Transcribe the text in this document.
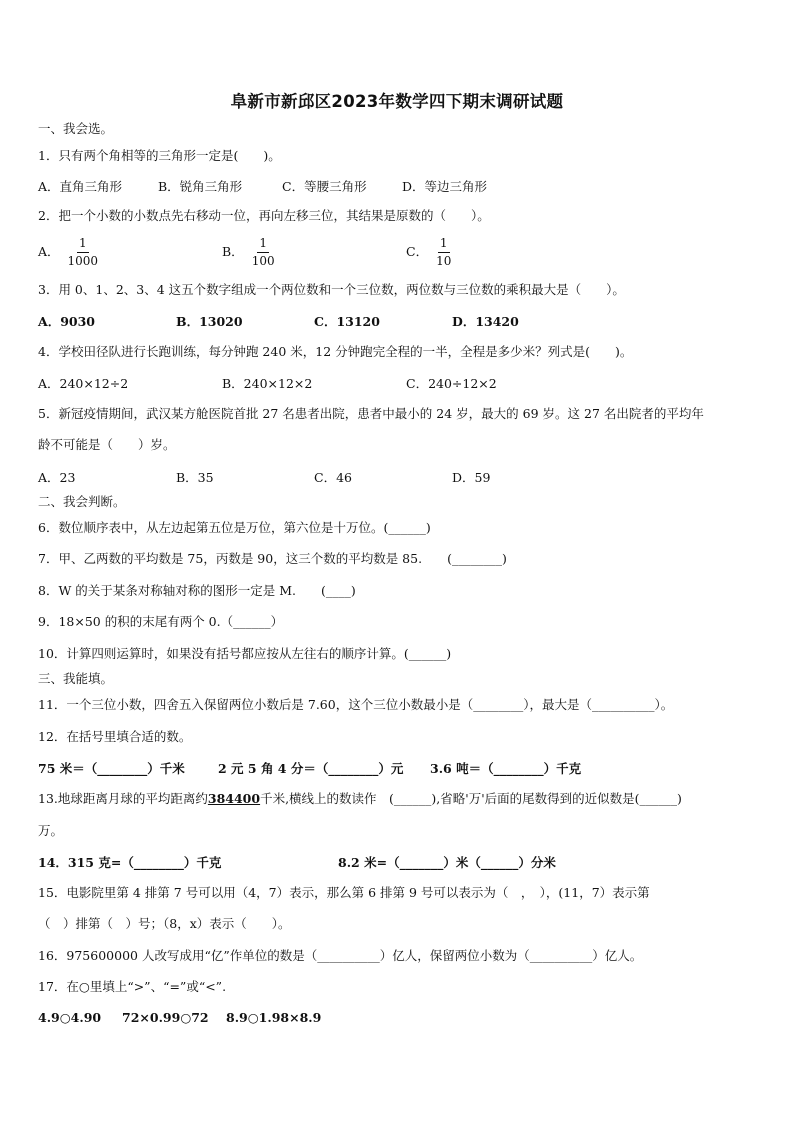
阜新市新邱区2023年数学四下期末调研试题
一、我会选。
1．只有两个角相等的三角形一定是(　　)。
A．直角三角形	B．锐角三角形	C．等腰三角形	D．等边三角形
2．把一个小数的小数点先右移动一位，再向左移三位，其结果是原数的（　　）。
A． $\frac{1}{1000}$	B． $\frac{1}{100}$	C． $\frac{1}{10}$
3．用 0、1、2、3、4 这五个数字组成一个两位数和一个三位数，两位数与三位数的乘积最大是（　　）。
A．9030	B．13020	C．13120	D．13420
4．学校田径队进行长跑训练，每分钟跑 240 米，12 分钟跑完全程的一半，全程是多少米？列式是(　　)。
A．240×12÷2	B．240×12×2	C．240÷12×2
5．新冠疫情期间，武汉某方舱医院首批 27 名患者出院，患者中最小的 24 岁，最大的 69 岁。这 27 名出院者的平均年
龄不可能是（　　）岁。
A．23	B．35	C．46	D．59
二、我会判断。
6．数位顺序表中，从左边起第五位是万位，第六位是十万位。(______)
7．甲、乙两数的平均数是 75，丙数是 90，这三个数的平均数是 85.　　(________)
8．W 的关于某条对称轴对称的图形一定是 M.　　(____)
9．18×50 的积的末尾有两个 0.（______）
10．计算四则运算时，如果没有括号都应按从左往右的顺序计算。(______)
三、我能填。
11．一个三位小数，四舍五入保留两位小数后是 7.60，这个三位小数最小是（________），最大是（__________）。
12．在括号里填合适的数。
75 米＝（________）千米	2 元 5 角 4 分＝（________）元 3.6 吨＝（________）千克
13.地球距离月球的平均距离约384400千米,横线上的数读作　(______),省略'万'后面的尾数得到的近似数是(______)
万。
14．315 克=（________）千克	8.2 米=（_______）米（______）分米
15．电影院里第 4 排第 7 号可以用（4，7）表示，那么第 6 排第 9 号可以表示为（　，　），(11，7）表示第
（　）排第（　）号；（8，x）表示（　　）。
16．975600000 人改写成用“亿”作单位的数是（__________）亿人，保留两位小数为（__________）亿人。
17．在○里填上“>”、“=”或“<”.
4.9○4.90 72×0.99○72 8.9○1.98×8.9
